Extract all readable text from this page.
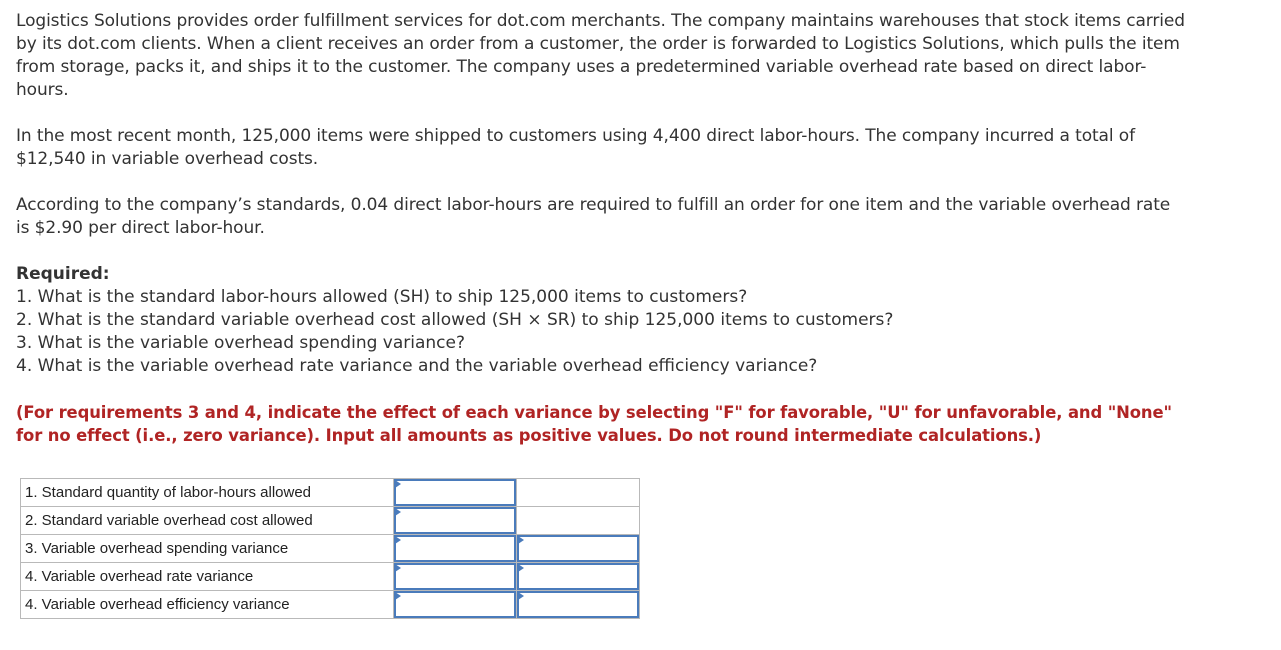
Logistics Solutions provides order fulfillment services for dot.com merchants. The company maintains warehouses that stock items carried by its dot.com clients. When a client receives an order from a customer, the order is forwarded to Logistics Solutions, which pulls the item from storage, packs it, and ships it to the customer. The company uses a predetermined variable overhead rate based on direct labor-hours.

In the most recent month, 125,000 items were shipped to customers using 4,400 direct labor-hours. The company incurred a total of $12,540 in variable overhead costs.

According to the company’s standards, 0.04 direct labor-hours are required to fulfill an order for one item and the variable overhead rate is $2.90 per direct labor-hour.

Required:
1. What is the standard labor-hours allowed (SH) to ship 125,000 items to customers?
2. What is the standard variable overhead cost allowed (SH × SR) to ship 125,000 items to customers?
3. What is the variable overhead spending variance?
4. What is the variable overhead rate variance and the variable overhead efficiency variance?

(For requirements 3 and 4, indicate the effect of each variance by selecting "F" for favorable, "U" for unfavorable, and "None" for no effect (i.e., zero variance). Input all amounts as positive values. Do not round intermediate calculations.)

1. Standard quantity of labor-hours allowed	

2. Standard variable overhead cost allowed	

3. Variable overhead spending variance	

4. Variable overhead rate variance	

4. Variable overhead efficiency variance	
